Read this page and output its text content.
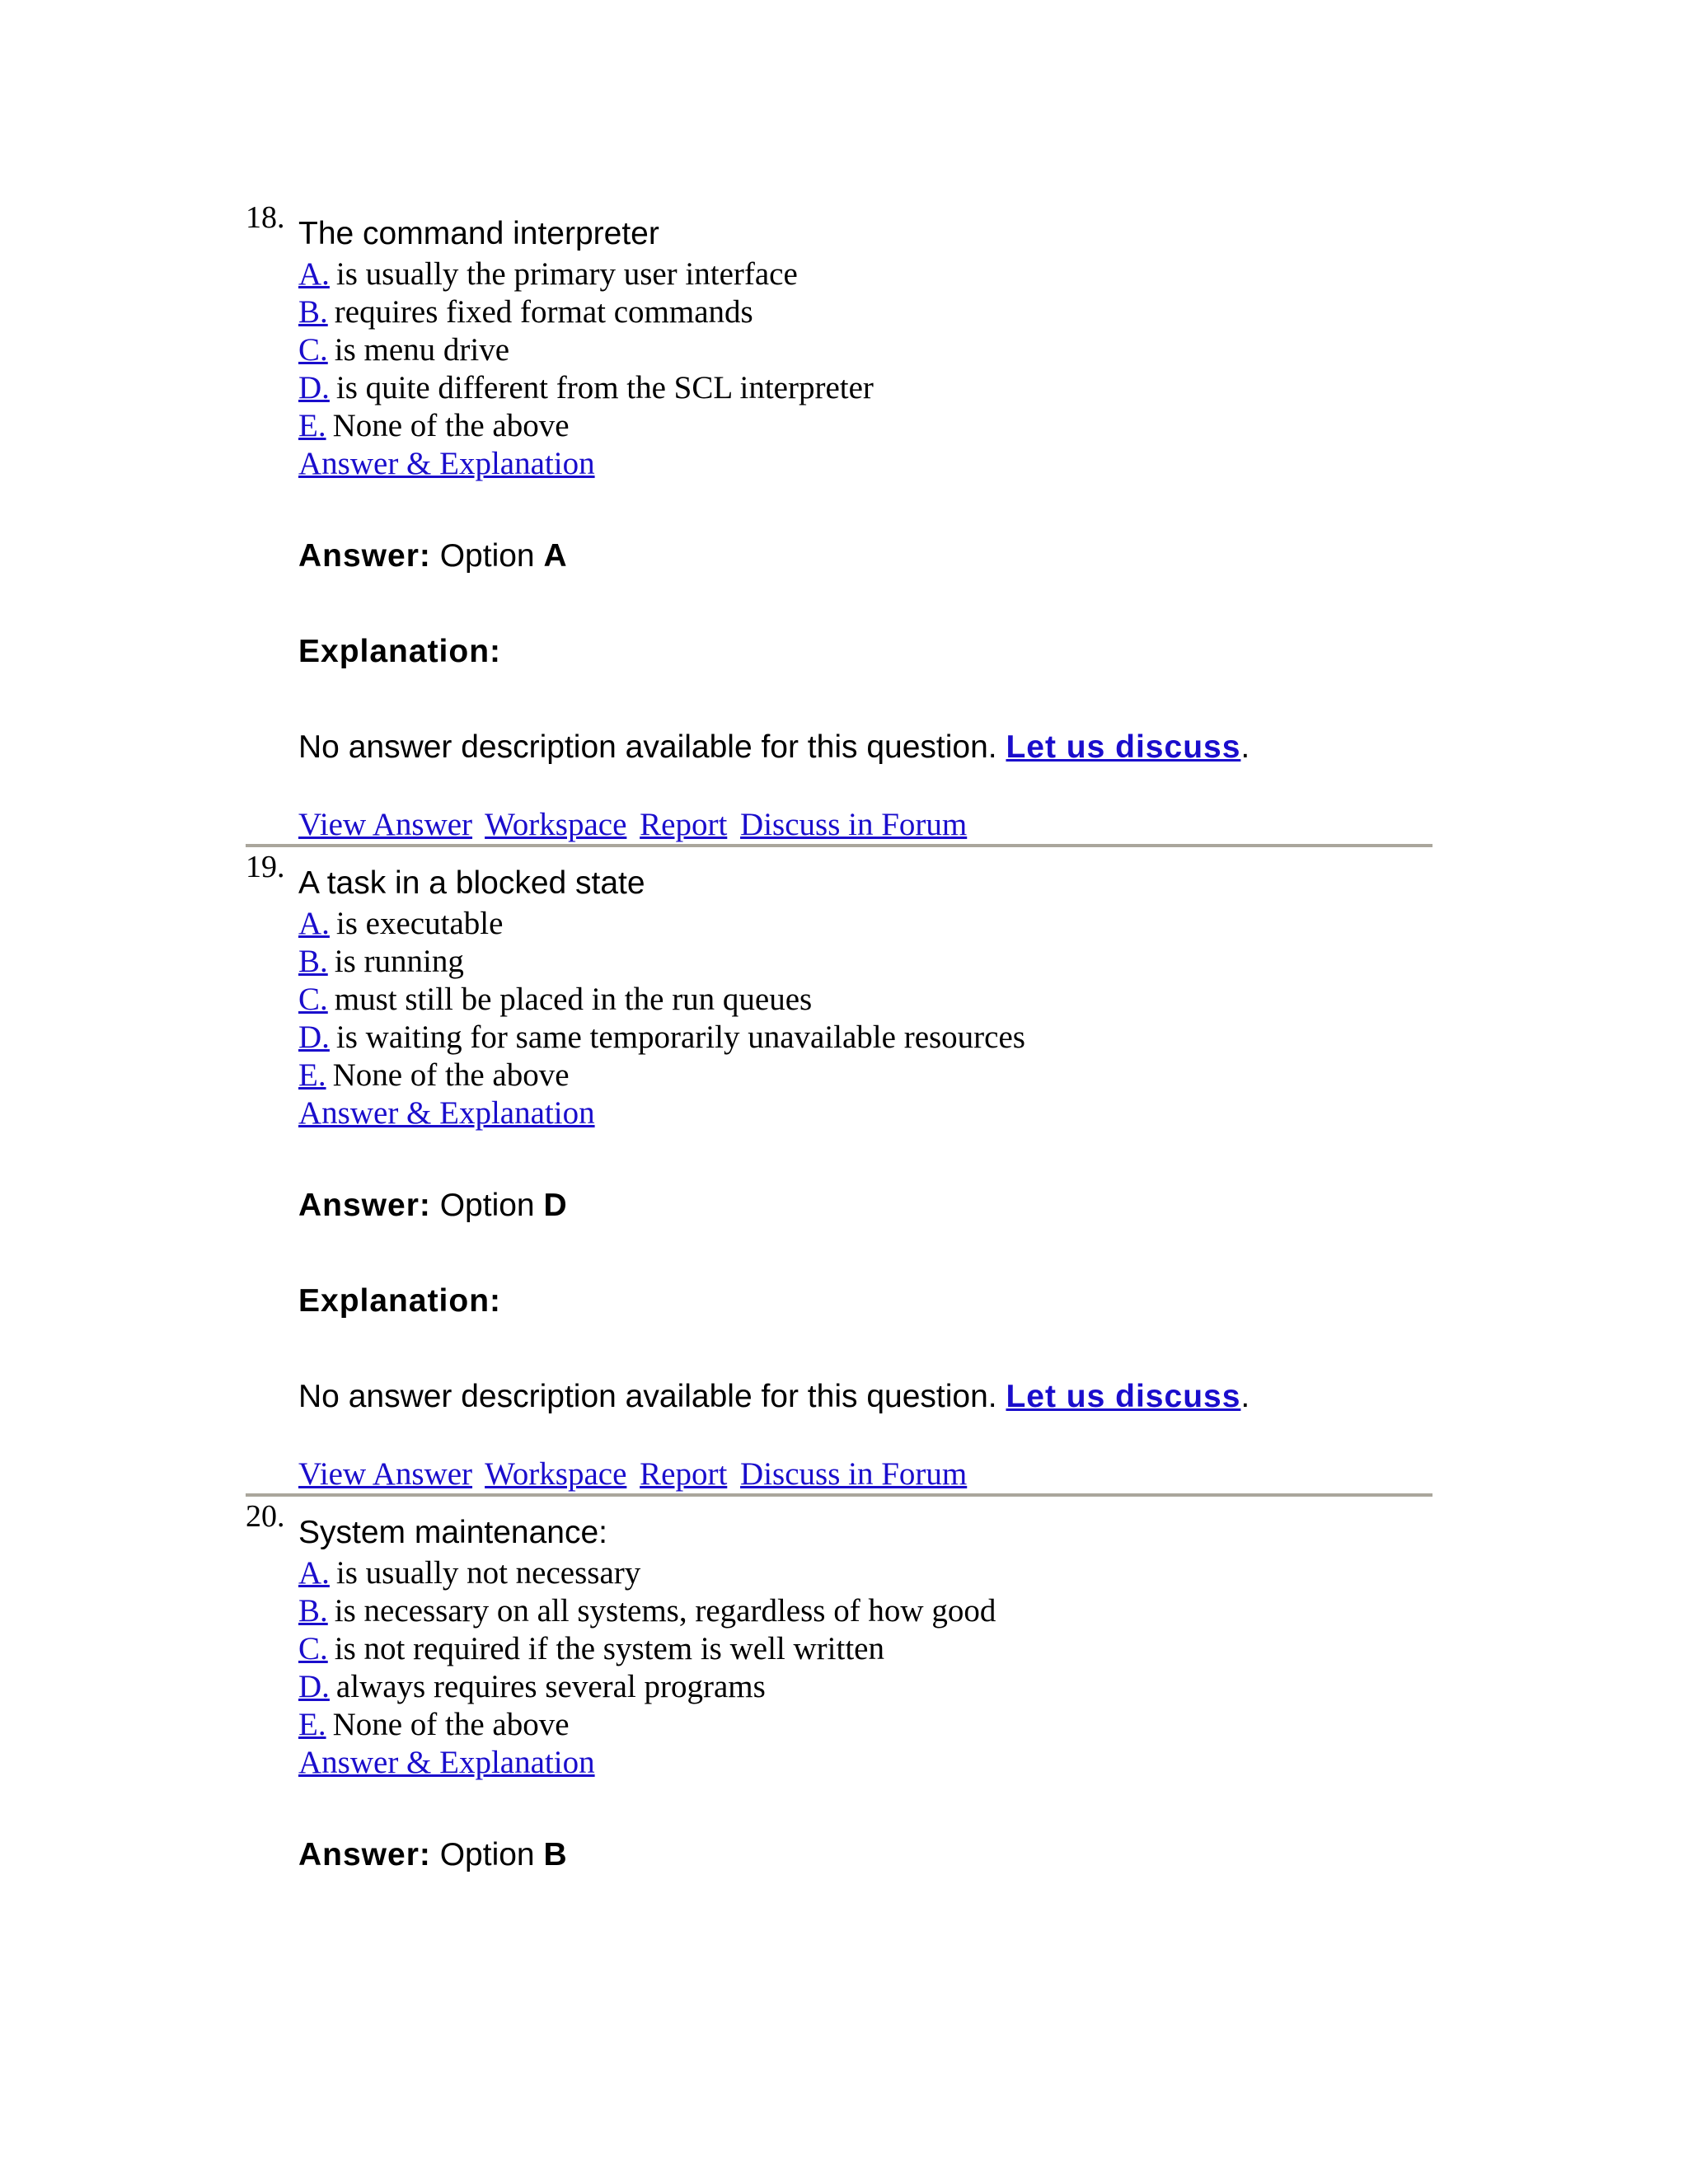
18. The command interpreter

A. is usually the primary user interface
B. requires fixed format commands
C. is menu drive
D. is quite different from the SCL interpreter
E. None of the above
Answer & Explanation
Answer: Option A
Explanation:
No answer description available for this question. Let us discuss.
View Answer Workspace Report Discuss in Forum
19. A task in a blocked state

A. is executable
B. is running
C. must still be placed in the run queues
D. is waiting for same temporarily unavailable resources
E. None of the above
Answer & Explanation
Answer: Option D
Explanation:
No answer description available for this question. Let us discuss.
View Answer Workspace Report Discuss in Forum
20. System maintenance:

A. is usually not necessary
B. is necessary on all systems, regardless of how good
C. is not required if the system is well written
D. always requires several programs
E. None of the above
Answer & Explanation
Answer: Option B
